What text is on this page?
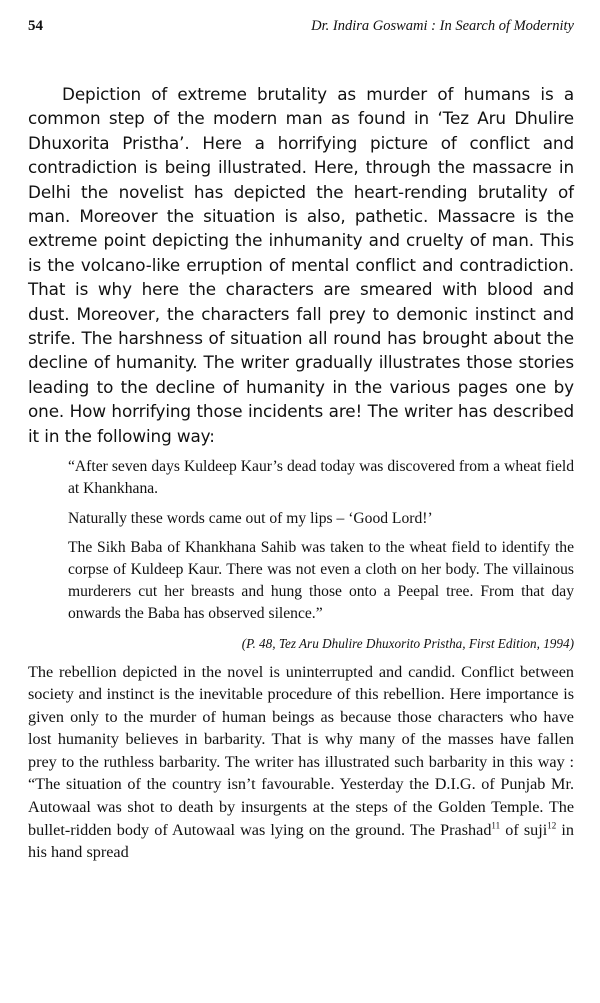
54	Dr. Indira Goswami : In Search of Modernity

Depiction of extreme brutality as murder of humans is a common step of the modern man as found in ‘Tez Aru Dhulire Dhuxorita Pristha’. Here a horrifying picture of conflict and contradiction is being illustrated. Here, through the massacre in Delhi the novelist has depicted the heart-rending brutality of man. Moreover the situation is also, pathetic. Massacre is the extreme point depicting the inhumanity and cruelty of man. This is the volcano-like erruption of mental conflict and contradiction. That is why here the characters are smeared with blood and dust. Moreover, the characters fall prey to demonic instinct and strife. The harshness of situation all round has brought about the decline of humanity. The writer gradually illustrates those stories leading to the decline of humanity in the various pages one by one. How horrifying those incidents are! The writer has described it in the following way:

“After seven days Kuldeep Kaur’s dead today was discovered from a wheat field at Khankhana.

Naturally these words came out of my lips – ‘Good Lord!’

The Sikh Baba of Khankhana Sahib was taken to the wheat field to identify the corpse of Kuldeep Kaur. There was not even a cloth on her body. The villainous murderers cut her breasts and hung those onto a Peepal tree. From that day onwards the Baba has observed silence.”

(P. 48, Tez Aru Dhulire Dhuxorito Pristha, First Edition, 1994)

The rebellion depicted in the novel is uninterrupted and candid. Conflict between society and instinct is the inevitable procedure of this rebellion. Here importance is given only to the murder of human beings as because those characters who have lost humanity believes in barbarity. That is why many of the masses have fallen prey to the ruthless barbarity. The writer has illustrated such barbarity in this way : “The situation of the country isn’t favourable. Yesterday the D.I.G. of Punjab Mr. Autowaal was shot to death by insurgents at the steps of the Golden Temple. The bullet-ridden body of Autowaal was lying on the ground. The Prashad$^{11}$ of suji$^{12}$ in his hand spread
